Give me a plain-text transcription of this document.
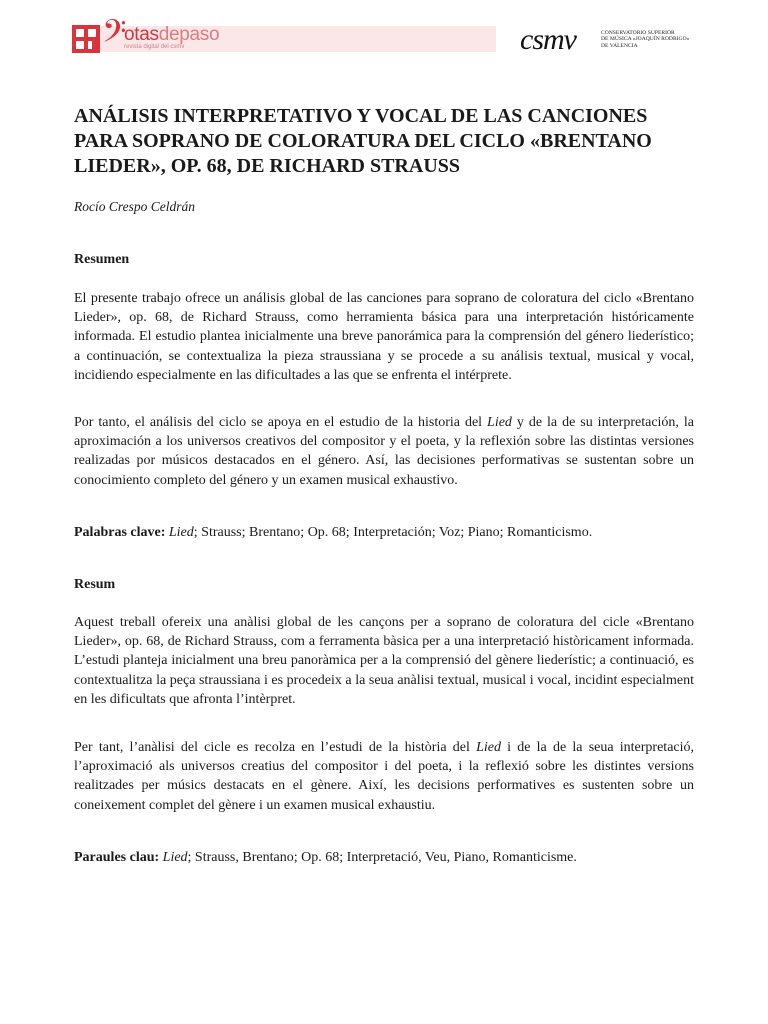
𝄢
otasdepaso
revista digital del csmv	csmv	CONSERVATORIO SUPERIOR
DE MÚSICA «JOAQUÍN RODRIGO»
DE VALENCIA
ANÁLISIS INTERPRETATIVO Y VOCAL DE LAS CANCIONES PARA SOPRANO DE COLORATURA DEL CICLO «BRENTANO LIEDER», OP. 68, DE RICHARD STRAUSS

Rocío Crespo Celdrán

Resumen

El presente trabajo ofrece un análisis global de las canciones para soprano de coloratura del ciclo «Brentano Lieder», op. 68, de Richard Strauss, como herramienta básica para una interpretación históricamente informada. El estudio plantea inicialmente una breve panorámica para la comprensión del género liederístico; a continuación, se contextualiza la pieza straussiana y se procede a su análisis textual, musical y vocal, incidiendo especialmente en las dificultades a las que se enfrenta el intérprete.

Por tanto, el análisis del ciclo se apoya en el estudio de la historia del Lied y de la de su interpretación, la aproximación a los universos creativos del compositor y el poeta, y la reflexión sobre las distintas versiones realizadas por músicos destacados en el género. Así, las decisiones performativas se sustentan sobre un conocimiento completo del género y un examen musical exhaustivo.

Palabras clave: Lied; Strauss; Brentano; Op. 68; Interpretación; Voz; Piano; Romanticismo.

Resum

Aquest treball ofereix una anàlisi global de les cançons per a soprano de coloratura del cicle «Brentano Lieder», op. 68, de Richard Strauss, com a ferramenta bàsica per a una interpretació històricament informada. L’estudi planteja inicialment una breu panoràmica per a la comprensió del gènere liederístic; a continuació, es contextualitza la peça straussiana i es procedeix a la seua anàlisi textual, musical i vocal, incidint especialment en les dificultats que afronta l’intèrpret.

Per tant, l’anàlisi del cicle es recolza en l’estudi de la història del Lied i de la de la seua interpretació, l’aproximació als universos creatius del compositor i del poeta, i la reflexió sobre les distintes versions realitzades per músics destacats en el gènere. Així, les decisions performatives es sustenten sobre un coneixement complet del gènere i un examen musical exhaustiu.

Paraules clau: Lied; Strauss, Brentano; Op. 68; Interpretació, Veu, Piano, Romanticisme.
